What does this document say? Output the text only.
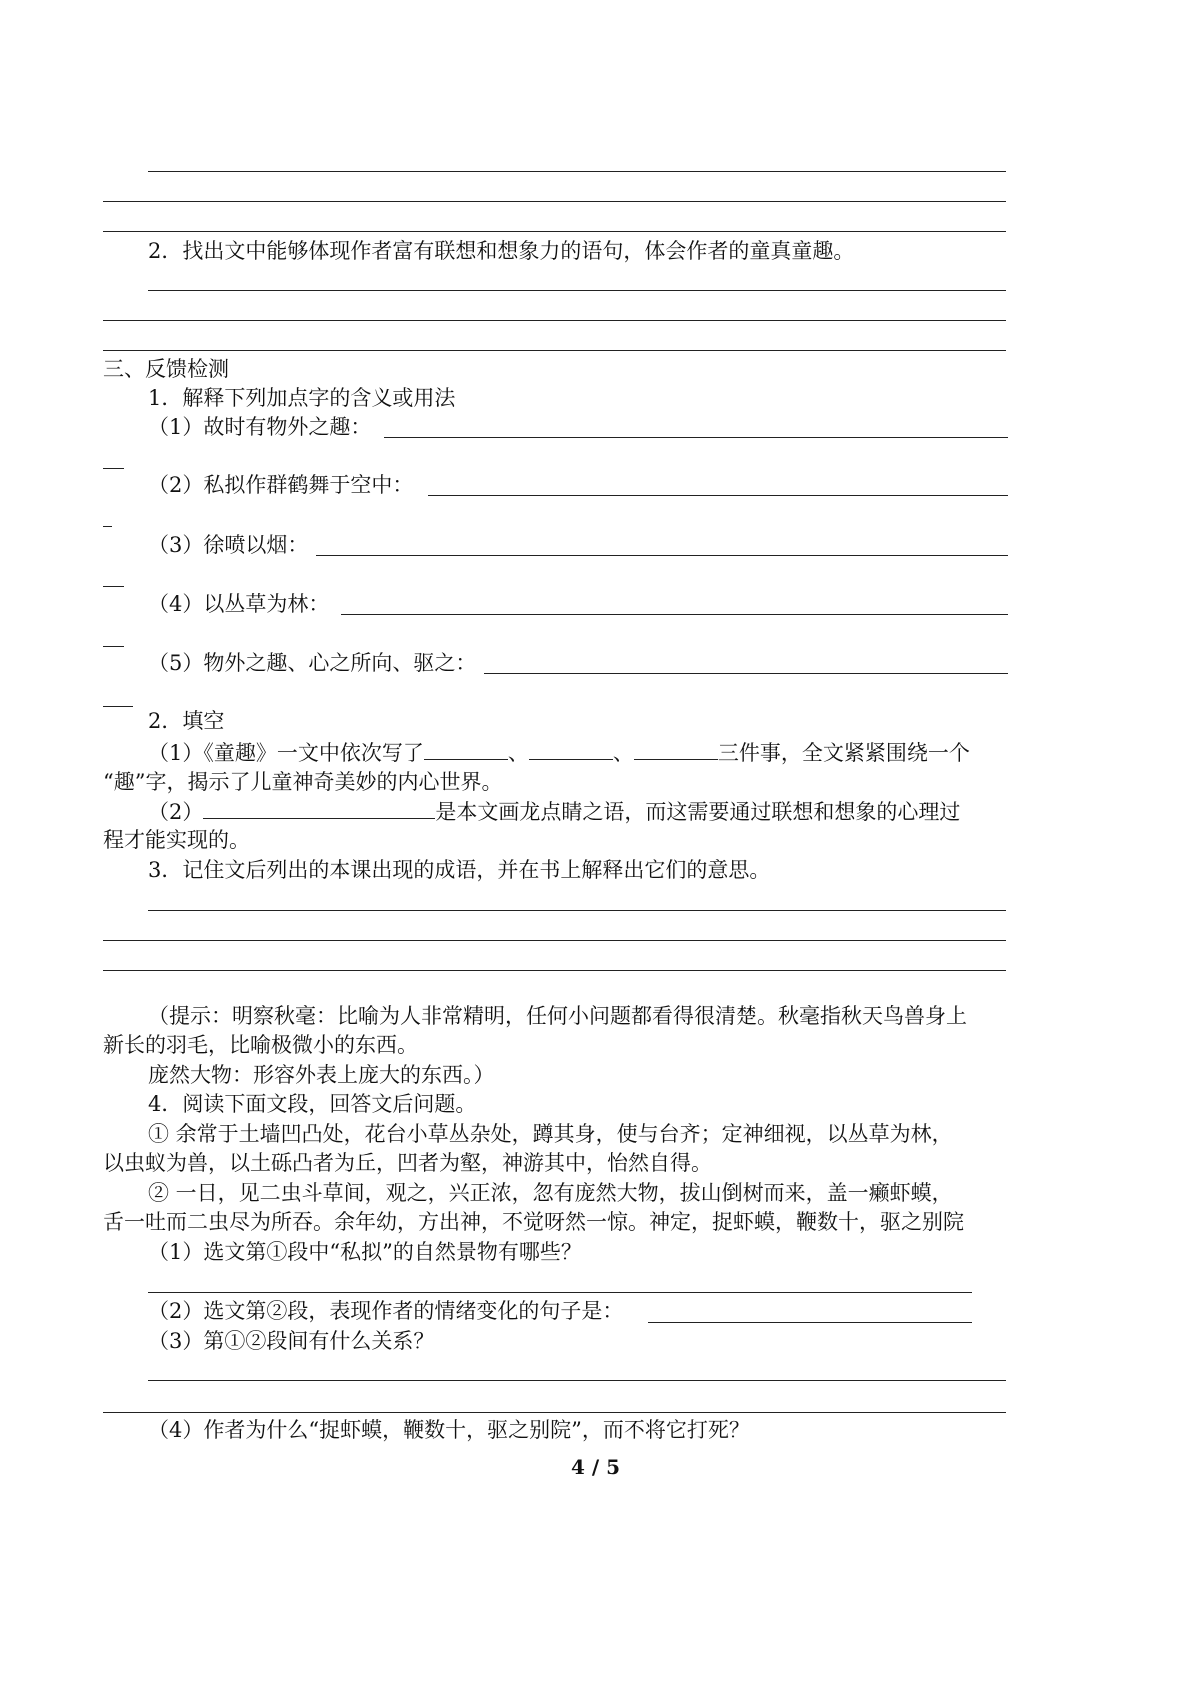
2．找出文中能够体现作者富有联想和想象力的语句，体会作者的童真童趣。
三、反馈检测
1．解释下列加点字的含义或用法
（1）故时有物外之趣：
（2）私拟作群鹤舞于空中：
（3）徐喷以烟：
（4）以丛草为林：
（5）物外之趣、心之所向、驱之：
2．填空
（1）《童趣》一文中依次写了	、	、	三件事，全文紧紧围绕一个
“趣”字，揭示了儿童神奇美妙的内心世界。
（2）	是本文画龙点睛之语，而这需要通过联想和想象的心理过
程才能实现的。
3．记住文后列出的本课出现的成语，并在书上解释出它们的意思。
（提示：明察秋毫：比喻为人非常精明，任何小问题都看得很清楚。秋毫指秋天鸟兽身上
新长的羽毛，比喻极微小的东西。
庞然大物：形容外表上庞大的东西。）
4．阅读下面文段，回答文后问题。
① 余常于土墙凹凸处，花台小草丛杂处，蹲其身，使与台齐；定神细视，以丛草为林，
以虫蚁为兽，以土砾凸者为丘，凹者为壑，神游其中，怡然自得。
② 一日，见二虫斗草间，观之，兴正浓，忽有庞然大物，拔山倒树而来，盖一癞虾蟆，
舌一吐而二虫尽为所吞。余年幼，方出神，不觉呀然一惊。神定，捉虾蟆，鞭数十，驱之别院
（1）选文第①段中“私拟”的自然景物有哪些？
（2）选文第②段，表现作者的情绪变化的句子是：
（3）第①②段间有什么关系？
（4）作者为什么“捉虾蟆，鞭数十，驱之别院”，而不将它打死？
4 / 5
